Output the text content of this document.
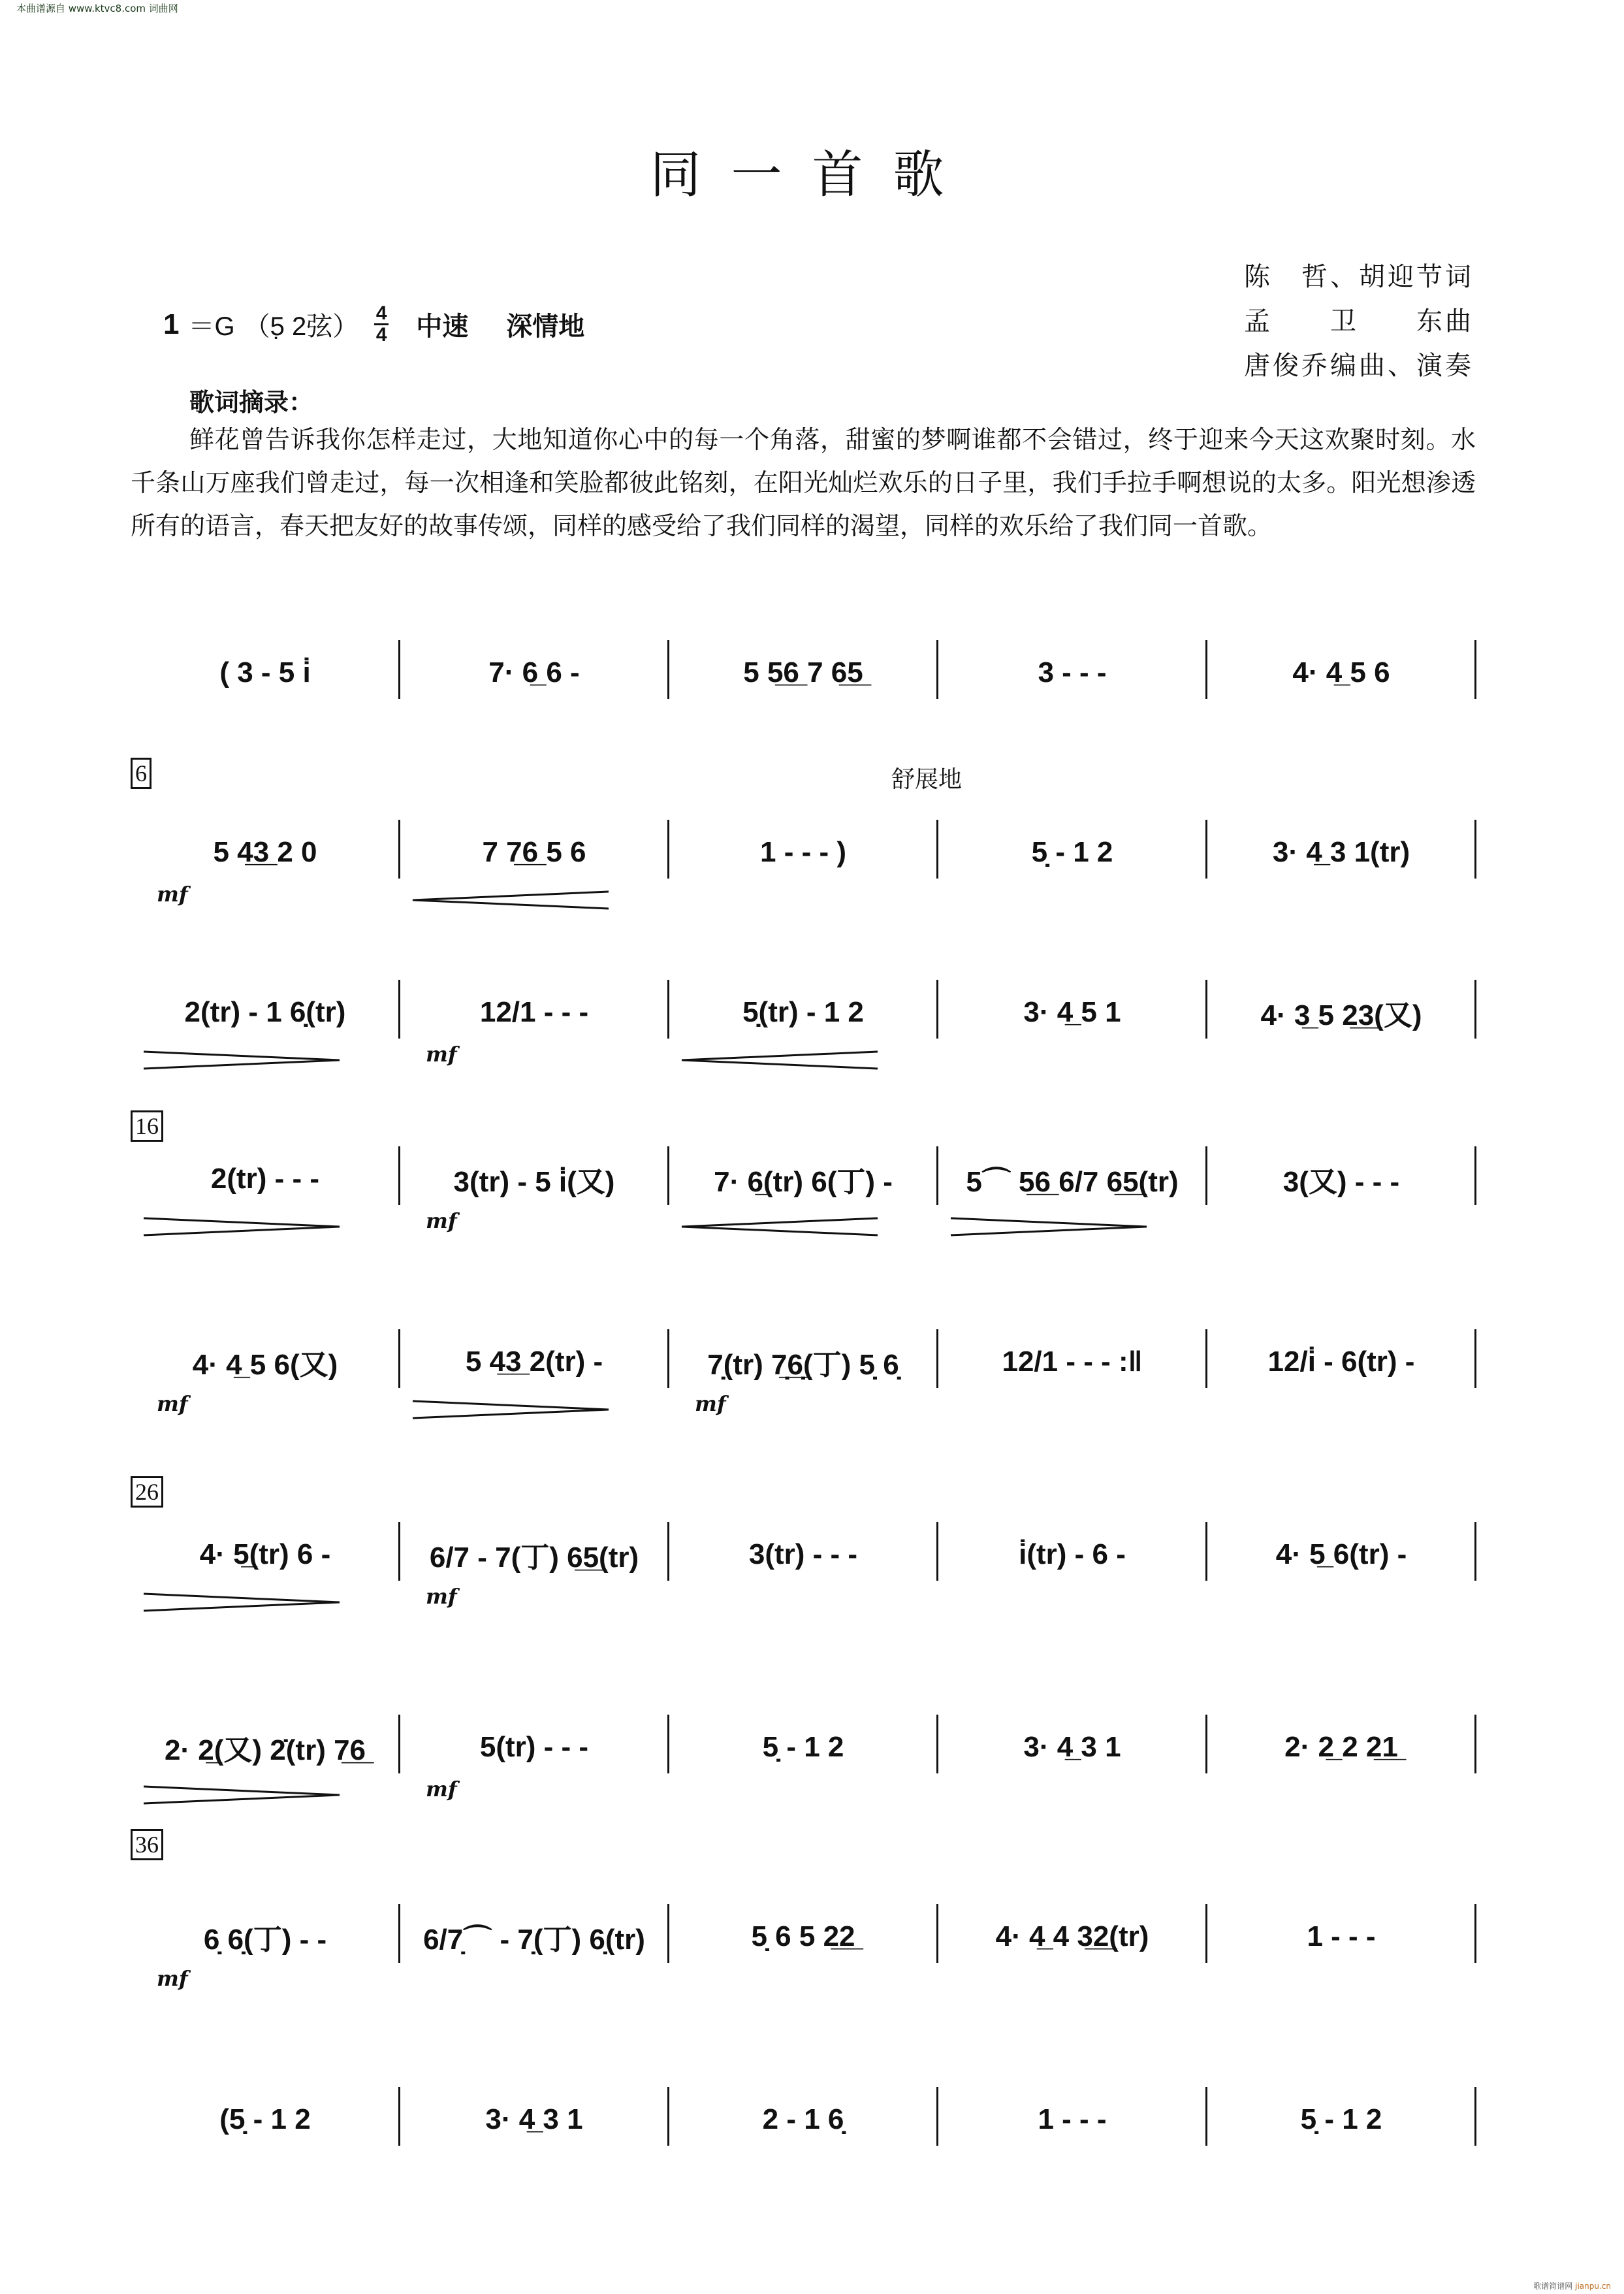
本曲谱源自 www.ktvc8.com 词曲网
同一首歌
陈　哲、胡迎节词
孟　　卫　　东曲
唐俊乔编曲、演奏
1 ＝G （5̣ 2弦） $\frac{4}{4}$ 中速 深情地
歌词摘录：
鲜花曾告诉我你怎样走过，大地知道你心中的每一个角落，甜蜜的梦啊谁都不会错过，终于迎来今天这欢聚时刻。水千条山万座我们曾走过，每一次相逢和笑脸都彼此铭刻，在阳光灿烂欢乐的日子里，我们手拉手啊想说的太多。阳光想渗透所有的语言，春天把友好的故事传颂，同样的感受给了我们同样的渴望，同样的欢乐给了我们同一首歌。
( 3 - 5 i̇	7· 6̲ 6 -	5 5̲6̲ 7 6̲5̲	3 - - -	4· 4̲ 5 6
6	舒展地
5 4̲3̲ 2 0	7 7̲6̲ 5 6	1 - - - )	5̣ - 1 2	3· 4̲ 3 1(tr)
mf
2(tr) - 1 6̣(tr)	12/1 - - -	5̣(tr) - 1 2	3· 4̲ 5 1	4· 3̲ 5 2̲3̲(又)
mf
16
2(tr) - - -	3(tr) - 5 i̇(又)	7· 6̲(tr) 6(丁) -	5⌒ 5̲6̲ 6/7 6̲5̲(tr)	3(又) - - -
mf
4· 4̲ 5 6(又)	5 4̲3̲ 2(tr) -	7̣(tr) 7̣̲6̣̲(丁) 5̣ 6̣	12/1 - - - :‖	12/i̇ - 6(tr) -
mf	mf
26
4· 5̲(tr) 6 -	6/7 - 7(丁) 6̲5̲(tr)	3(tr) - - -	i̇(tr) - 6 -	4· 5̲ 6(tr) -
mf
2· 2̲(又) 2̇(tr) 7̲6̲	5(tr) - - -	5̣ - 1 2	3· 4̲ 3 1	2· 2̲ 2 2̲1̲
mf
36
6̣ 6̣(丁) - -	6/7̣⌒ - 7̣(丁) 6̣(tr)	5̣ 6 5 2̲2̲	4· 4̲ 4 3̲2̲(tr)	1 - - -
mf
(5̣ - 1 2	3· 4̲ 3 1	2 - 1 6̣	1 - - -	5̣ - 1 2
歌谱简谱网 jianpu.cn
